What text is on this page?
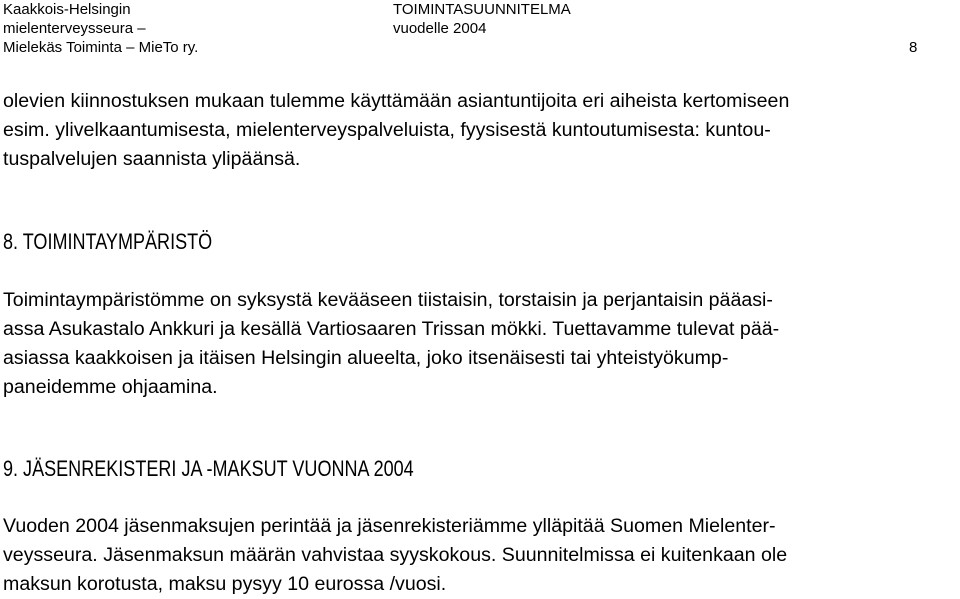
Kaakkois-Helsingin
mielenterveysseura –
Mielekäs Toiminta – MieTo ry.
TOIMINTASUUNNITELMA
vuodelle 2004
8

olevien kiinnostuksen mukaan tulemme käyttämään asiantuntijoita eri aiheista kertomiseen
esim. ylivelkaantumisesta, mielenterveyspalveluista, fyysisestä kuntoutumisesta: kuntou-
tuspalvelujen saannista ylipäänsä.

8. TOIMINTAYMPÄRISTÖ

Toimintaympäristömme on syksystä kevääseen tiistaisin, torstaisin ja perjantaisin pääasi-
assa Asukastalo Ankkuri ja kesällä Vartiosaaren Trissan mökki. Tuettavamme tulevat pää-
asiassa kaakkoisen ja itäisen Helsingin alueelta, joko itsenäisesti tai yhteistyökump-
paneidemme ohjaamina.

9. JÄSENREKISTERI JA -MAKSUT VUONNA 2004

Vuoden 2004 jäsenmaksujen perintää ja jäsenrekisteriämme ylläpitää Suomen Mielenter-
veysseura. Jäsenmaksun määrän vahvistaa syyskokous. Suunnitelmissa ei kuitenkaan ole
maksun korotusta, maksu pysyy 10 eurossa /vuosi.
